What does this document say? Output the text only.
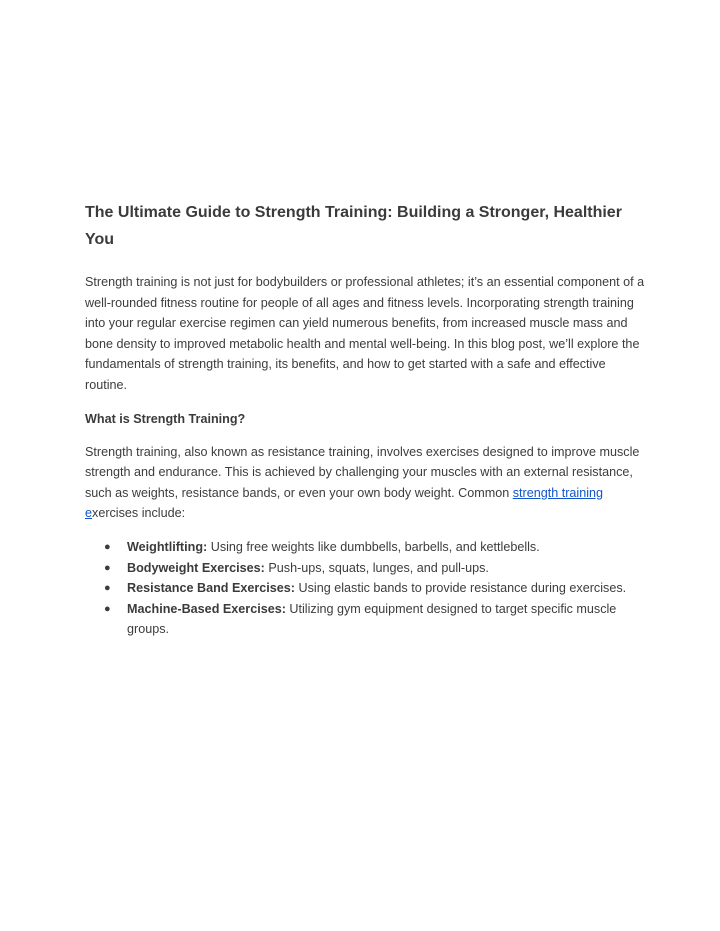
The Ultimate Guide to Strength Training: Building a Stronger, Healthier You

Strength training is not just for bodybuilders or professional athletes; it’s an essential component of a well-rounded fitness routine for people of all ages and fitness levels. Incorporating strength training into your regular exercise regimen can yield numerous benefits, from increased muscle mass and bone density to improved metabolic health and mental well-being. In this blog post, we’ll explore the fundamentals of strength training, its benefits, and how to get started with a safe and effective routine.

What is Strength Training?

Strength training, also known as resistance training, involves exercises designed to improve muscle strength and endurance. This is achieved by challenging your muscles with an external resistance, such as weights, resistance bands, or even your own body weight. Common strength training exercises include:

● Weightlifting: Using free weights like dumbbells, barbells, and kettlebells.
● Bodyweight Exercises: Push-ups, squats, lunges, and pull-ups.
● Resistance Band Exercises: Using elastic bands to provide resistance during exercises.
● Machine-Based Exercises: Utilizing gym equipment designed to target specific muscle groups.
